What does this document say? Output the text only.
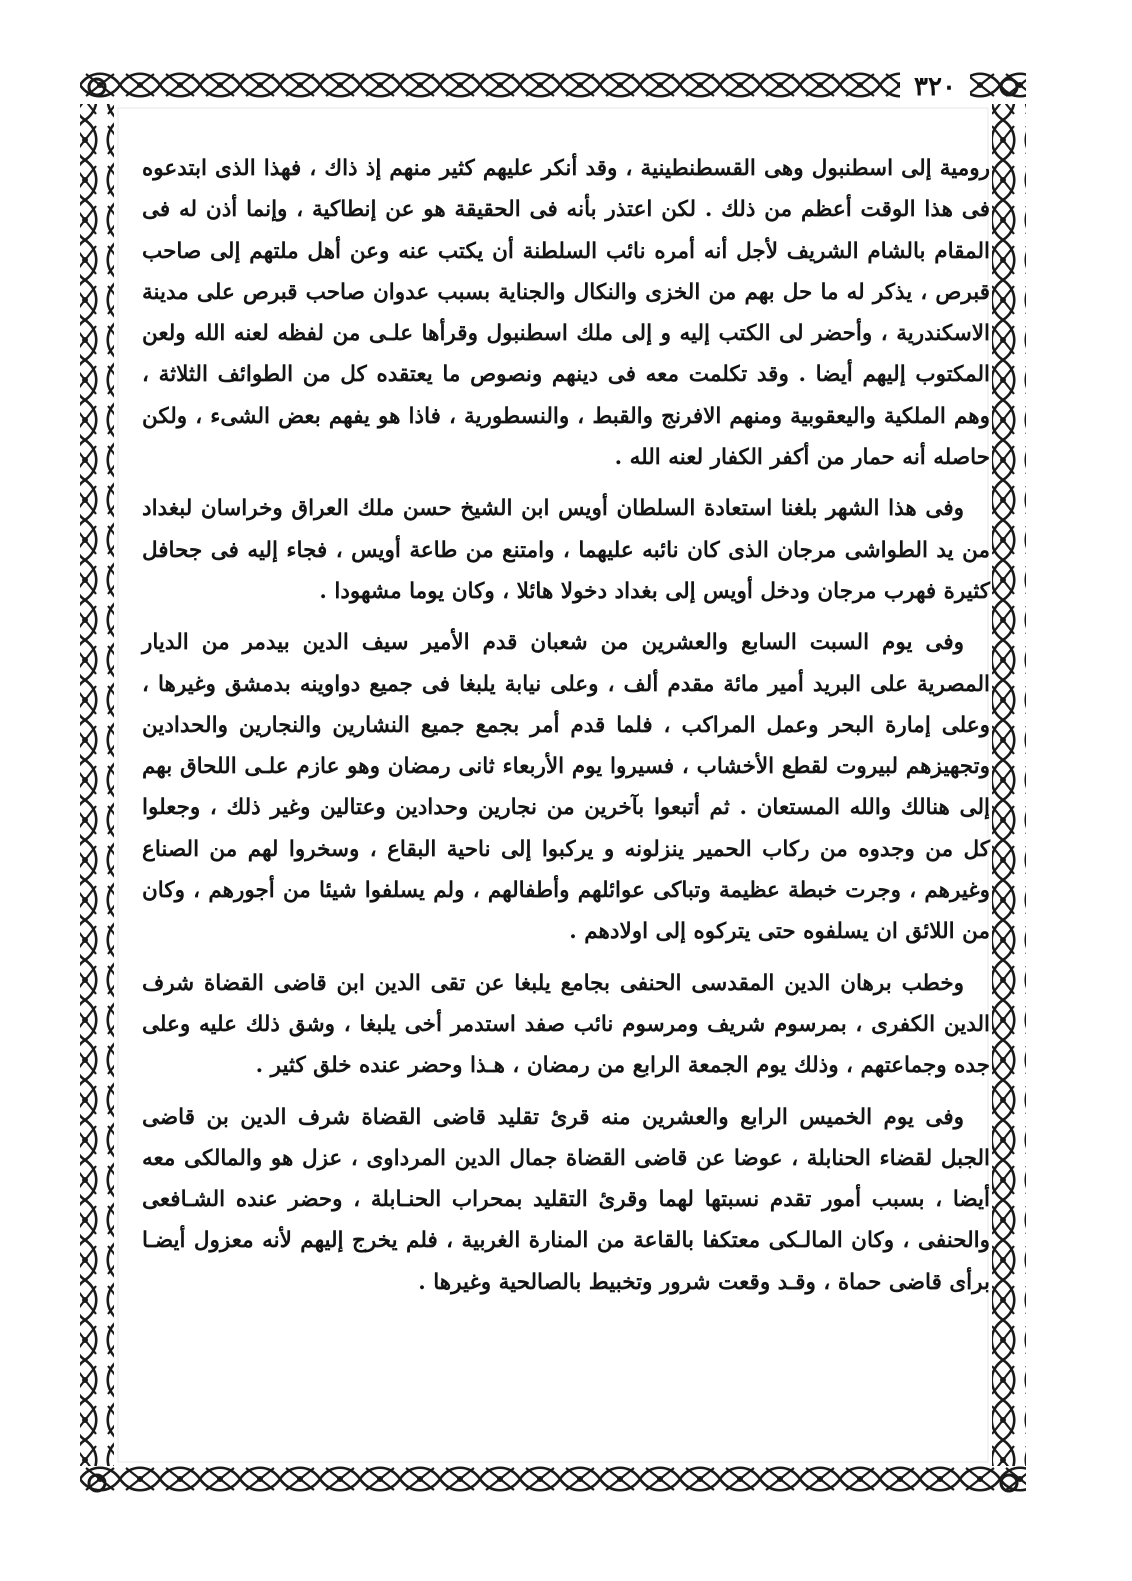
٣٢٠

رومية إلى اسطنبول وهى القسطنطينية ، وقد أنكر عليهم كثير منهم إذ ذاك ، فهذا الذى ابتدعوه فى هذا الوقت أعظم من ذلك . لكن اعتذر بأنه فى الحقيقة هو عن إنطاكية ، وإنما أذن له فى المقام بالشام الشريف لأجل أنه أمره نائب السلطنة أن يكتب عنه وعن أهل ملتهم إلى صاحب قبرص ، يذكر له ما حل بهم من الخزى والنكال والجناية بسبب عدوان صاحب قبرص على مدينة الاسكندرية ، وأحضر لى الكتب إليه و إلى ملك اسطنبول وقرأها علـى من لفظه لعنه الله ولعن المكتوب إليهم أيضا . وقد تكلمت معه فى دينهم ونصوص ما يعتقده كل من الطوائف الثلاثة ، وهم الملكية واليعقوبية ومنهم الافرنج والقبط ، والنسطورية ، فاذا هو يفهم بعض الشىء ، ولكن حاصله أنه حمار من أكفر الكفار لعنه الله .

وفى هذا الشهر بلغنا استعادة السلطان أويس ابن الشيخ حسن ملك العراق وخراسان لبغداد من يد الطواشى مرجان الذى كان نائبه عليهما ، وامتنع من طاعة أويس ، فجاء إليه فى جحافل كثيرة فهرب مرجان ودخل أويس إلى بغداد دخولا هائلا ، وكان يوما مشهودا .

وفى يوم السبت السابع والعشرين من شعبان قدم الأمير سيف الدين بيدمر من الديار المصرية على البريد أمير مائة مقدم ألف ، وعلى نيابة يلبغا فى جميع دواوينه بدمشق وغيرها ، وعلى إمارة البحر وعمل المراكب ، فلما قدم أمر بجمع جميع النشارين والنجارين والحدادين وتجهيزهم لبيروت لقطع الأخشاب ، فسيروا يوم الأربعاء ثانى رمضان وهو عازم علـى اللحاق بهم إلى هنالك والله المستعان . ثم أتبعوا بآخرين من نجارين وحدادين وعتالين وغير ذلك ، وجعلوا كل من وجدوه من ركاب الحمير ينزلونه و يركبوا إلى ناحية البقاع ، وسخروا لهم من الصناع وغيرهم ، وجرت خبطة عظيمة وتباكى عوائلهم وأطفالهم ، ولم يسلفوا شيئا من أجورهم ، وكان من اللائق ان يسلفوه حتى يتركوه إلى اولادهم .

وخطب برهان الدين المقدسى الحنفى بجامع يلبغا عن تقى الدين ابن قاضى القضاة شرف الدين الكفرى ، بمرسوم شريف ومرسوم نائب صفد استدمر أخى يلبغا ، وشق ذلك عليه وعلى جده وجماعتهم ، وذلك يوم الجمعة الرابع من رمضان ، هـذا وحضر عنده خلق كثير .

وفى يوم الخميس الرابع والعشرين منه قرئ تقليد قاضى القضاة شرف الدين بن قاضى الجبل لقضاء الحنابلة ، عوضا عن قاضى القضاة جمال الدين المرداوى ، عزل هو والمالكى معه أيضا ، بسبب أمور تقدم نسبتها لهما وقرئ التقليد بمحراب الحنـابلة ، وحضر عنده الشـافعى والحنفى ، وكان المالـكى معتكفا بالقاعة من المنارة الغربية ، فلم يخرج إليهم لأنه معزول أيضـا برأى قاضى حماة ، وقـد وقعت شرور وتخبيط بالصالحية وغيرها .
